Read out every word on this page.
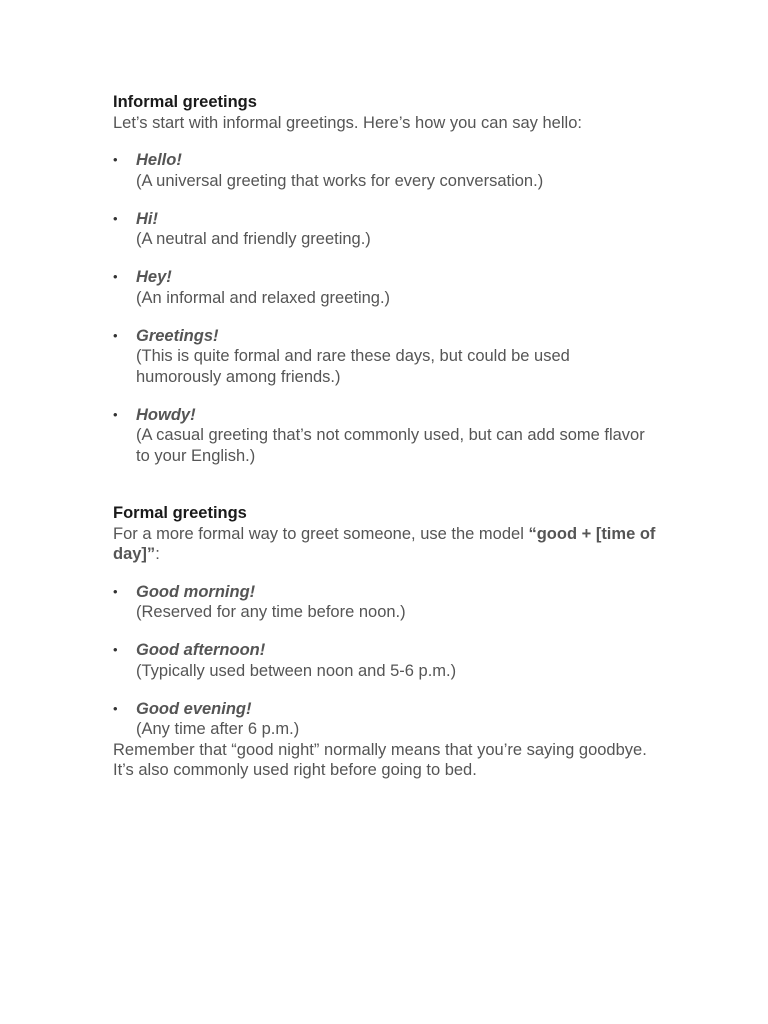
Informal greetings

Let’s start with informal greetings. Here’s how you can say hello:

• Hello!
(A universal greeting that works for every conversation.)
• Hi!
(A neutral and friendly greeting.)
• Hey!
(An informal and relaxed greeting.)
• Greetings!
(This is quite formal and rare these days, but could be used humorously among friends.)
• Howdy!
(A casual greeting that’s not commonly used, but can add some flavor to your English.)

Formal greetings

For a more formal way to greet someone, use the model “good + [time of day]”:

• Good morning!
(Reserved for any time before noon.)
• Good afternoon!
(Typically used between noon and 5-6 p.m.)
• Good evening!
(Any time after 6 p.m.)

Remember that “good night” normally means that you’re saying goodbye. It’s also commonly used right before going to bed.
